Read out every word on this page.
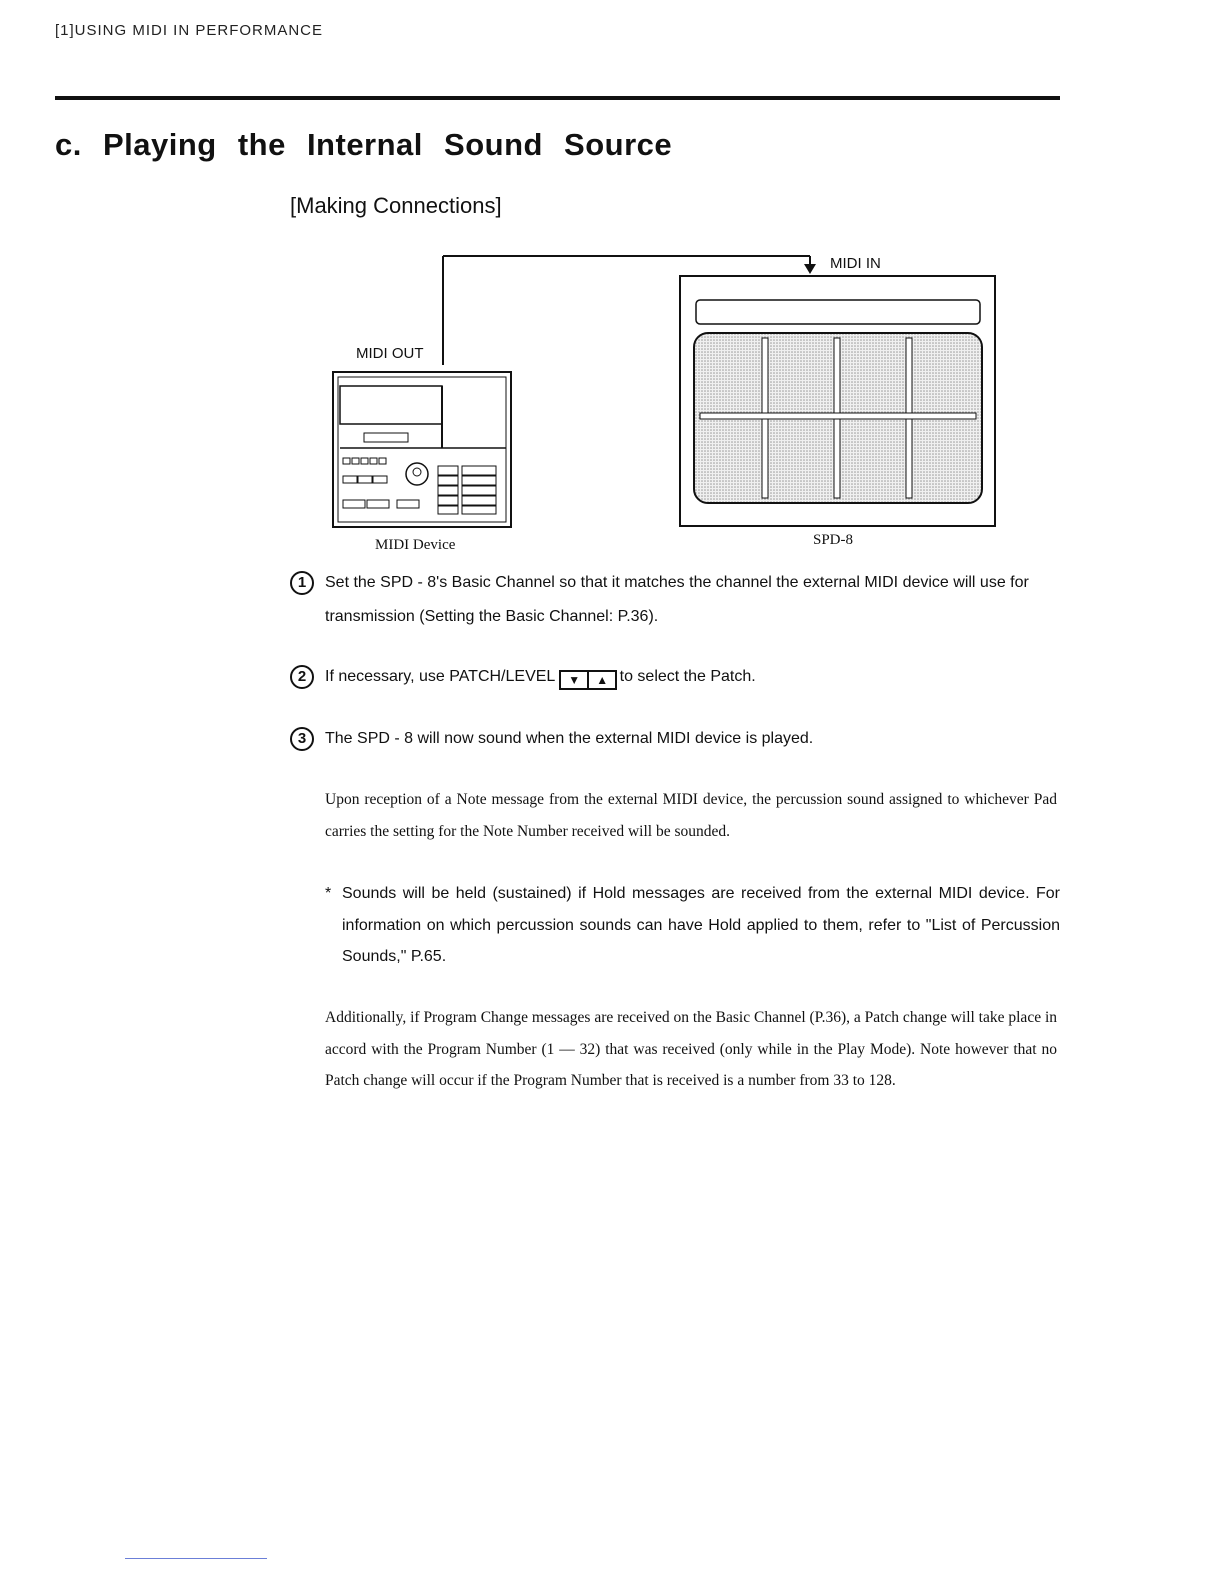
[1]USING MIDI IN PERFORMANCE
c. Playing the Internal Sound Source
[Making Connections]
MIDI OUT
MIDI IN
MIDI Device	SPD-8
1	Set the SPD - 8's Basic Channel so that it matches the channel the external MIDI device will use for transmission (Setting the Basic Channel: P.36).
2	If necessary, use PATCH/LEVEL ▼ ▲ to select the Patch.
3	The SPD - 8 will now sound when the external MIDI device is played.
Upon reception of a Note message from the external MIDI device, the percussion sound assigned to whichever Pad carries the setting for the Note Number received will be sounded.
* Sounds will be held (sustained) if Hold messages are received from the external MIDI device. For information on which percussion sounds can have Hold applied to them, refer to "List of Percussion Sounds," P.65.
Additionally, if Program Change messages are received on the Basic Channel (P.36), a Patch change will take place in accord with the Program Number (1 — 32) that was received (only while in the Play Mode). Note however that no Patch change will occur if the Program Number that is received is a number from 33 to 128.
